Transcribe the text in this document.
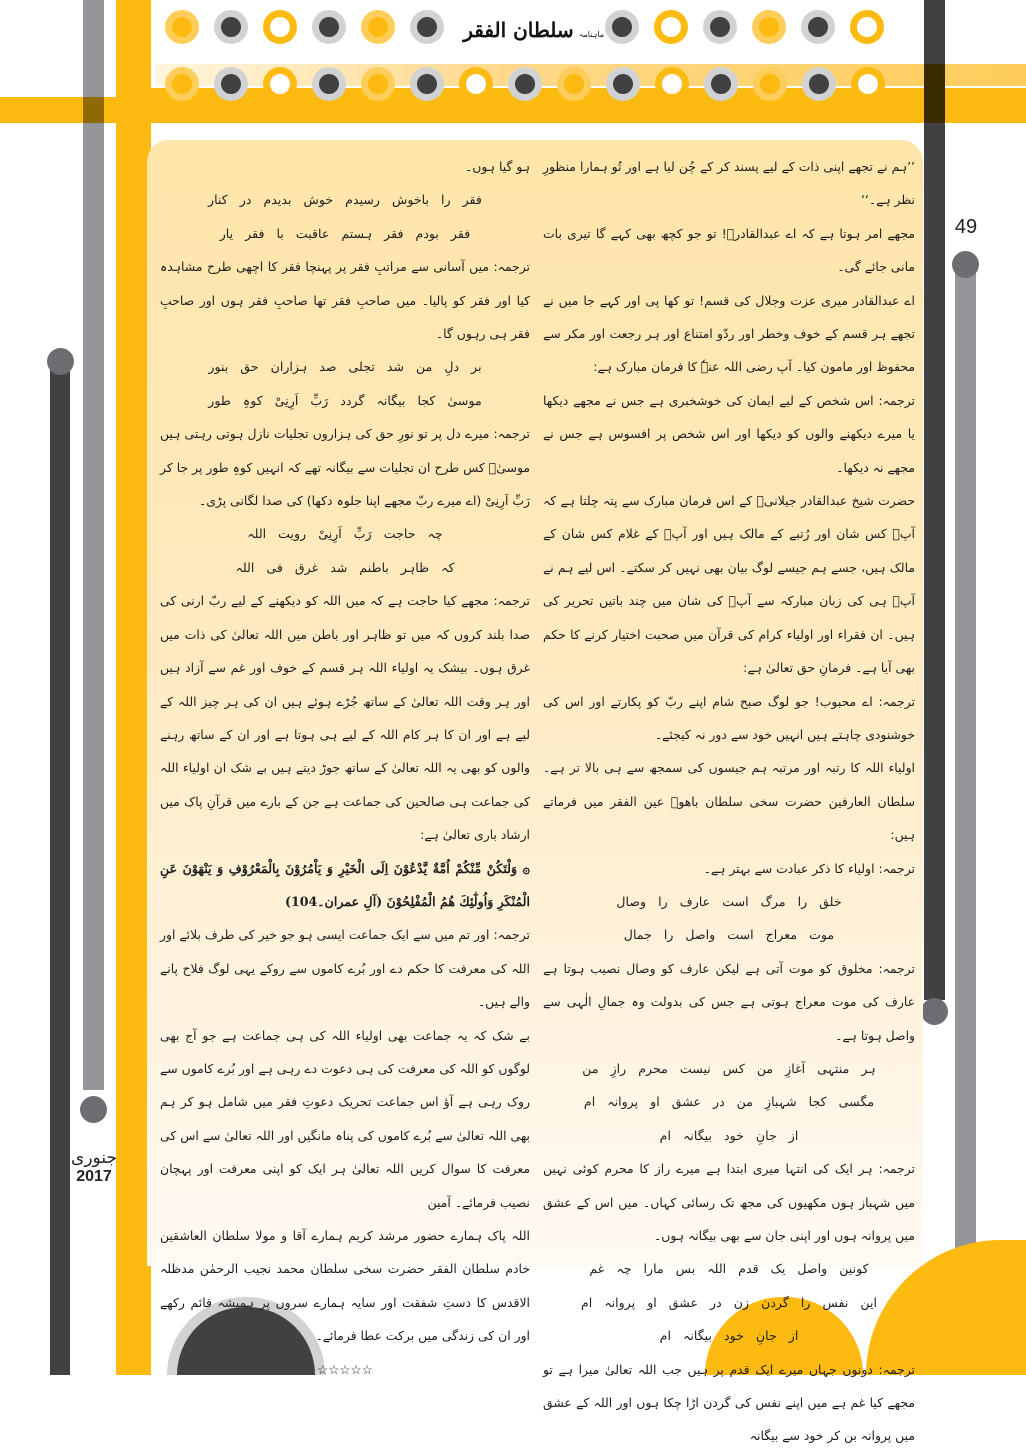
ماہنامہ سلطان الفقر
49
جنوری
2017

’’ہم نے تجھے اپنی ذات کے لیے پسند کر کے چُن لیا ہے اور تُو ہمارا منظورِ نظر ہے۔‘‘

مجھے امر ہوتا ہے کہ اے عبدالقادرؓ! تو جو کچھ بھی کہے گا تیری بات مانی جائے گی۔

اے عبدالقادر میری عزت وجلال کی قسم! تو کھا پی اور کہے جا میں نے تجھے ہر قسم کے خوف وخطر اور ردّو امتناع اور ہر رجعت اور مکر سے محفوظ اور مامون کیا۔ آپ رضی اللہ عنہٗ کا فرمان مبارک ہے:

ترجمہ: اس شخص کے لیے ایمان کی خوشخبری ہے جس نے مجھے دیکھا یا میرے دیکھنے والوں کو دیکھا اور اس شخص پر افسوس ہے جس نے مجھے نہ دیکھا۔

حضرت شیخ عبدالقادر جیلانیؓ کے اس فرمان مبارک سے پتہ چلتا ہے کہ آپؓ کس شان اور رُتبے کے مالک ہیں اور آپؓ کے غلام کس شان کے مالک ہیں، جسے ہم جیسے لوگ بیان بھی نہیں کر سکتے۔ اس لیے ہم نے آپؓ ہی کی زبان مبارکہ سے آپؓ کی شان میں چند باتیں تحریر کی ہیں۔ ان فقراء اور اولیاء کرام کی قرآن میں صحبت اختیار کرنے کا حکم بھی آیا ہے۔ فرمانِ حق تعالیٰ ہے:

ترجمہ: اے محبوب! جو لوگ صبح شام اپنے ربّ کو پکارتے اور اس کی خوشنودی چاہتے ہیں انہیں خود سے دور نہ کیجئے۔

اولیاء اللہ کا رتبہ اور مرتبہ ہم جیسوں کی سمجھ سے ہی بالا تر ہے۔ سلطان العارفین حضرت سخی سلطان باھوؒ عین الفقر میں فرماتے ہیں:

ترجمہ: اولیاء کا ذکر عبادت سے بہتر ہے۔

خلق را مرگ است عارف را وصال

موت معراج است واصل را جمال

ترجمہ: مخلوق کو موت آتی ہے لیکن عارف کو وصال نصیب ہوتا ہے عارف کی موت معراج ہوتی ہے جس کی بدولت وہ جمالِ الٰہی سے واصل ہوتا ہے۔

ہر منتہی آغازِ من کس نیست محرم رازِ من

مگسی کجا شہبازِ من در عشق او پروانہ ام

از جانِ خود بیگانہ ام

ترجمہ: ہر ایک کی انتہا میری ابتدا ہے میرے راز کا محرم کوئی نہیں میں شہباز ہوں مکھیوں کی مجھ تک رسائی کہاں۔ میں اس کے عشق میں پروانہ ہوں اور اپنی جان سے بھی بیگانہ ہوں۔

کونین واصل یک قدم اللہ بس مارا چہ غم

این نفس را گردن زن در عشق او پروانہ ام

از جانِ خود بیگانہ ام

ترجمہ: دونوں جہاں میرے ایک قدم پر ہیں جب اللہ تعالیٰ میرا ہے تو مجھے کیا غم ہے میں اپنے نفس کی گردن اڑا چکا ہوں اور اللہ کے عشق میں پروانہ بن کر خود سے بیگانہ

ہو گیا ہوں۔

فقر را باخوش رسیدم خوش بدیدم در کنار

فقر بودم فقر ہستم عاقبت با فقر یار

ترجمہ: میں آسانی سے مراتبِ فقر پر پہنچا فقر کا اچھی طرح مشاہدہ کیا اور فقر کو پالیا۔ میں صاحبِ فقر تھا صاحبِ فقر ہوں اور صاحبِ فقر ہی رہوں گا۔

بر دلِ من شد تجلی صد ہزاران حق بنور

موسیٰ کجا بیگانہ گردد رَبِّ اَرِنِیْ کوہِ طور

ترجمہ: میرے دل پر تو نورِ حق کی ہزاروں تجلیات نازل ہوتی رہتی ہیں موسیٰؑ کس طرح ان تجلیات سے بیگانہ تھے کہ انہیں کوہِ طور پر جا کر رَبِّ اَرِنِیْ (اے میرے ربّ مجھے اپنا جلوہ دکھا) کی صدا لگانی پڑی۔

چہ حاجت رَبِّ اَرِنِیْ رویت اللہ

کہ ظاہر باطنم شد غرق فی اللہ

ترجمہ: مجھے کیا حاجت ہے کہ میں اللہ کو دیکھنے کے لیے ربّ ارنی کی صدا بلند کروں کہ میں تو ظاہر اور باطن میں اللہ تعالیٰ کی ذات میں غرق ہوں۔ بیشک یہ اولیاء اللہ ہر قسم کے خوف اور غم سے آزاد ہیں اور ہر وقت اللہ تعالیٰ کے ساتھ جُڑے ہوئے ہیں ان کی ہر چیز اللہ کے لیے ہے اور ان کا ہر کام اللہ کے لیے ہی ہوتا ہے اور ان کے ساتھ رہنے والوں کو بھی یہ اللہ تعالیٰ کے ساتھ جوڑ دیتے ہیں بے شک ان اولیاء اللہ کی جماعت ہی صالحین کی جماعت ہے جن کے بارے میں قرآنِ پاک میں ارشاد باری تعالیٰ ہے:

۞ وَلْتَكُنْ مِّنْكُمْ اُمَّةٌ يَّدْعُوْنَ اِلَى الْخَيْرِ وَ يَاْمُرُوْنَ بِالْمَعْرُوْفِ وَ يَنْهَوْنَ عَنِ الْمُنْكَرِ وَاُولٰٓئِكَ هُمُ الْمُفْلِحُوْنَ (آلِ عمران۔104)

ترجمہ: اور تم میں سے ایک جماعت ایسی ہو جو خیر کی طرف بلائے اور اللہ کی معرفت کا حکم دے اور بُرے کاموں سے روکے یہی لوگ فلاح پانے والے ہیں۔

بے شک کہ یہ جماعت بھی اولیاء اللہ کی ہی جماعت ہے جو آج بھی لوگوں کو اللہ کی معرفت کی ہی دعوت دے رہی ہے اور بُرے کاموں سے روک رہی ہے آؤ اس جماعت تحریک دعوتِ فقر میں شامل ہو کر ہم بھی اللہ تعالیٰ سے بُرے کاموں کی پناہ مانگیں اور اللہ تعالیٰ سے اس کی معرفت کا سوال کریں اللہ تعالیٰ ہر ایک کو اپنی معرفت اور پہچان نصیب فرمائے۔ آمین

اللہ پاک ہمارے حضور مرشد کریم ہمارے آقا و مولا سلطان العاشقین خادم سلطان الفقر حضرت سخی سلطان محمد نجیب الرحمٰن مدظلہ الاقدس کا دستِ شفقت اور سایہ ہمارے سروں پر ہمیشہ قائم رکھے اور ان کی زندگی میں برکت عطا فرمائے۔

☆☆☆☆☆
